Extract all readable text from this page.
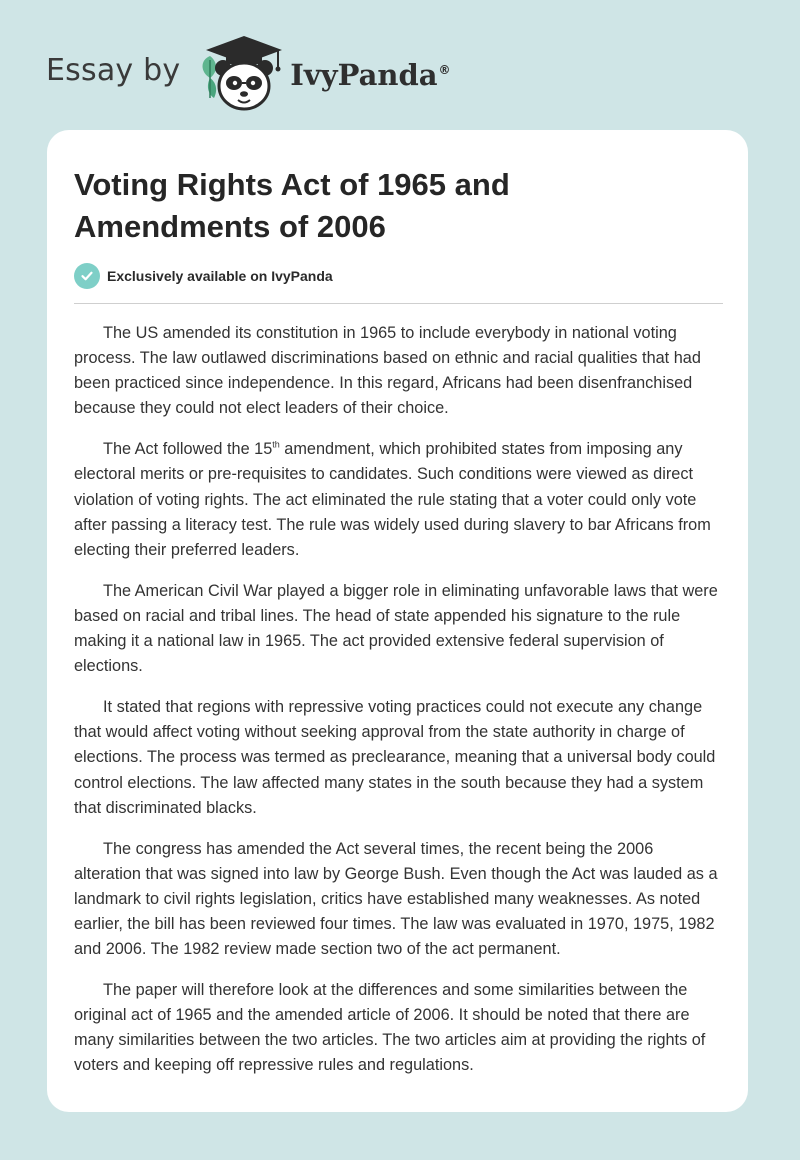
Essay by	IvyPanda®
Voting Rights Act of 1965 and Amendments of 2006
Exclusively available on IvyPanda

The US amended its constitution in 1965 to include everybody in national voting process. The law outlawed discriminations based on ethnic and racial qualities that had been practiced since independence. In this regard, Africans had been disenfranchised because they could not elect leaders of their choice.

The Act followed the 15th amendment, which prohibited states from imposing any electoral merits or pre-requisites to candidates. Such conditions were viewed as direct violation of voting rights. The act eliminated the rule stating that a voter could only vote after passing a literacy test. The rule was widely used during slavery to bar Africans from electing their preferred leaders.

The American Civil War played a bigger role in eliminating unfavorable laws that were based on racial and tribal lines. The head of state appended his signature to the rule making it a national law in 1965. The act provided extensive federal supervision of elections.

It stated that regions with repressive voting practices could not execute any change that would affect voting without seeking approval from the state authority in charge of elections. The process was termed as preclearance, meaning that a universal body could control elections. The law affected many states in the south because they had a system that discriminated blacks.

The congress has amended the Act several times, the recent being the 2006 alteration that was signed into law by George Bush. Even though the Act was lauded as a landmark to civil rights legislation, critics have established many weaknesses. As noted earlier, the bill has been reviewed four times. The law was evaluated in 1970, 1975, 1982 and 2006. The 1982 review made section two of the act permanent.

The paper will therefore look at the differences and some similarities between the original act of 1965 and the amended article of 2006. It should be noted that there are many similarities between the two articles. The two articles aim at providing the rights of voters and keeping off repressive rules and regulations.
